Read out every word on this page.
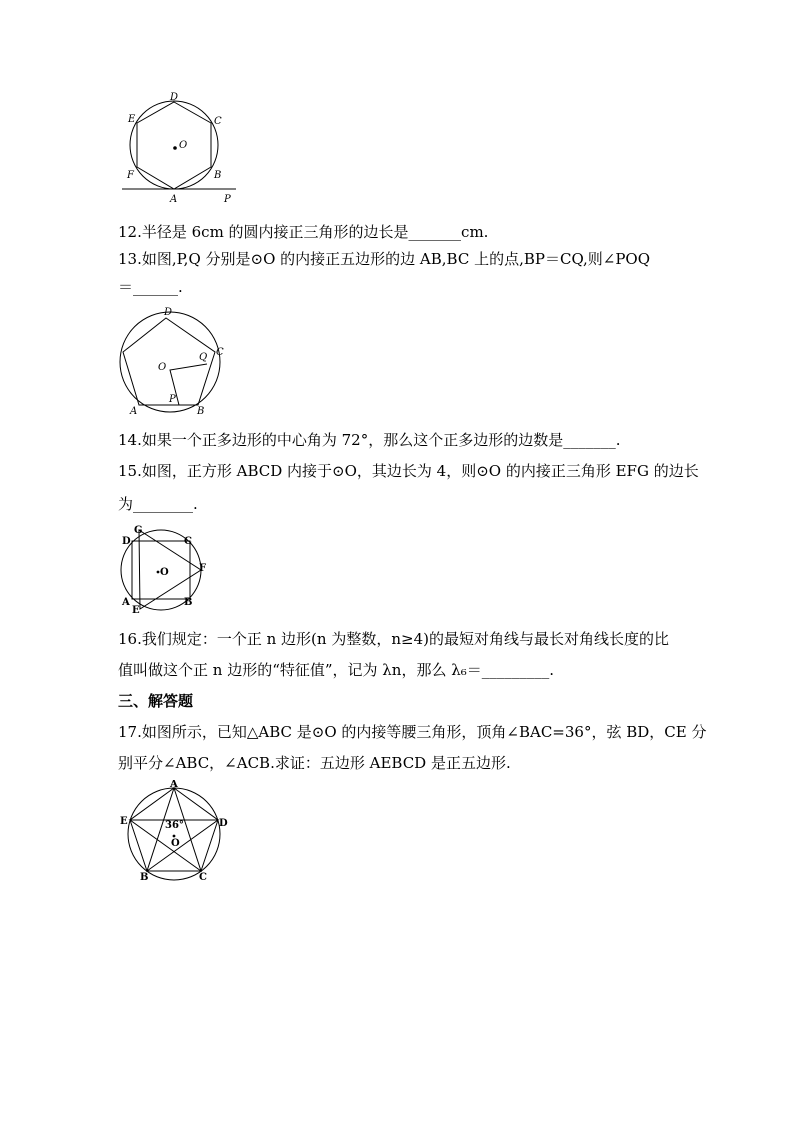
D
C
E
O
F	B
A	P
12.半径是 6cm 的圆内接正三角形的边长是_______cm.
13.如图,P,Q 分别是⊙O 的内接正五边形的边 AB,BC 上的点,BP＝CQ,则∠POQ
＝______.
D
C
Q
O
P
A	B
14.如果一个正多边形的中心角为 72°，那么这个正多边形的边数是_______.
15.如图，正方形 ABCD 内接于⊙O，其边长为 4，则⊙O 的内接正三角形 EFG 的边长
为________.
G
D	C
F
O
A
E
B
16.我们规定：一个正 n 边形(n 为整数，n≥4)的最短对角线与最长对角线长度的比
值叫做这个正 n 边形的“特征值”，记为 λn，那么 λ₆＝_________.
三、解答题
17.如图所示，已知△ABC 是⊙O 的内接等腰三角形，顶角∠BAC=36°，弦 BD，CE 分
别平分∠ABC，∠ACB.求证：五边形 AEBCD 是正五边形.
A
E	D
36°
O
B	C
